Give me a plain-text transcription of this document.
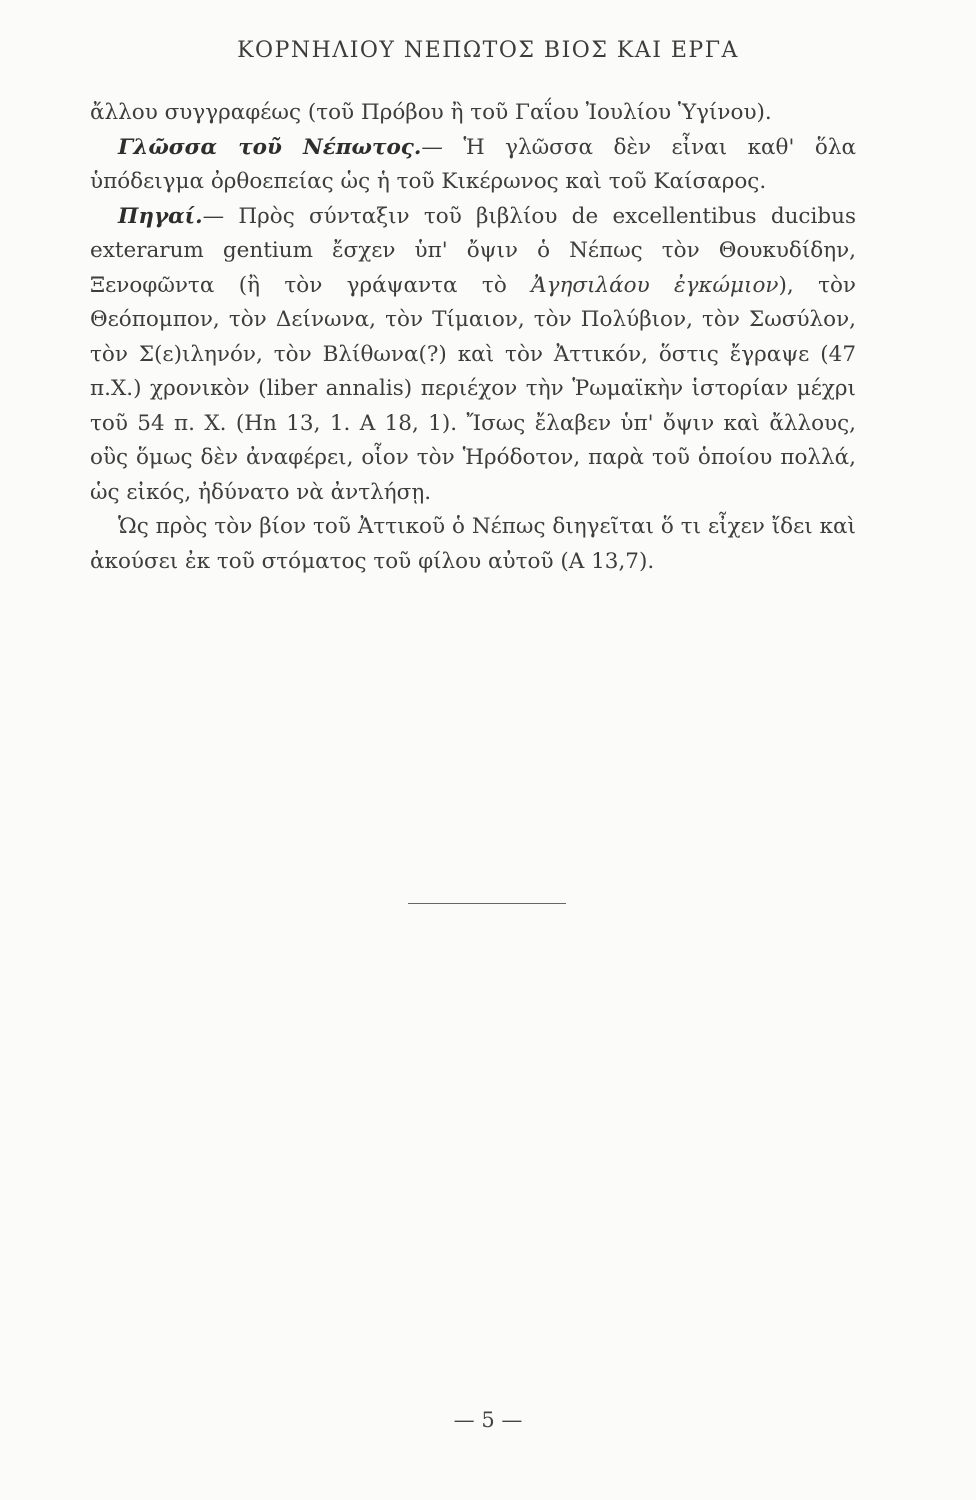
ΚΟΡΝΗΛΙΟΥ ΝΕΠΩΤΟΣ ΒΙΟΣ ΚΑΙ ΕΡΓΑ

ἄλλου συγγραφέως (τοῦ Πρόβου ἢ τοῦ Γαΐου Ἰουλίου Ὑγίνου).

Γλῶσσα τοῦ Νέπωτος.— Ἡ γλῶσσα δὲν εἶναι καθ' ὅλα ὑπόδειγμα ὀρθοεπείας ὡς ἡ τοῦ Κικέρωνος καὶ τοῦ Καίσαρος.

Πηγαί.— Πρὸς σύνταξιν τοῦ βιβλίου de excellentibus ducibus exterarum gentium ἔσχεν ὑπ' ὄψιν ὁ Νέπως τὸν Θουκυδίδην, Ξενοφῶντα (ἢ τὸν γράψαντα τὸ Ἀγησιλάου ἐγκώμιον), τὸν Θεόπομπον, τὸν Δείνωνα, τὸν Τίμαιον, τὸν Πολύβιον, τὸν Σωσύλον, τὸν Σ(ε)ιληνόν, τὸν Βλίθωνα(?) καὶ τὸν Ἀττικόν, ὅστις ἔγραψε (47 π.Χ.) χρονικὸν (liber annalis) περιέχον τὴν Ῥωμαϊκὴν ἱστορίαν μέχρι τοῦ 54 π. Χ. (Hn 13, 1. A 18, 1). Ἴσως ἔλαβεν ὑπ' ὄψιν καὶ ἄλλους, οὓς ὅμως δὲν ἀναφέρει, οἷον τὸν Ἡρόδοτον, παρὰ τοῦ ὁποίου πολλά, ὡς εἰκός, ἠδύνατο νὰ ἀντλήσῃ.

Ὡς πρὸς τὸν βίον τοῦ Ἀττικοῦ ὁ Νέπως διηγεῖται ὅ τι εἶχεν ἴδει καὶ ἀκούσει ἐκ τοῦ στόματος τοῦ φίλου αὐτοῦ (A 13,7).

— 5 —
